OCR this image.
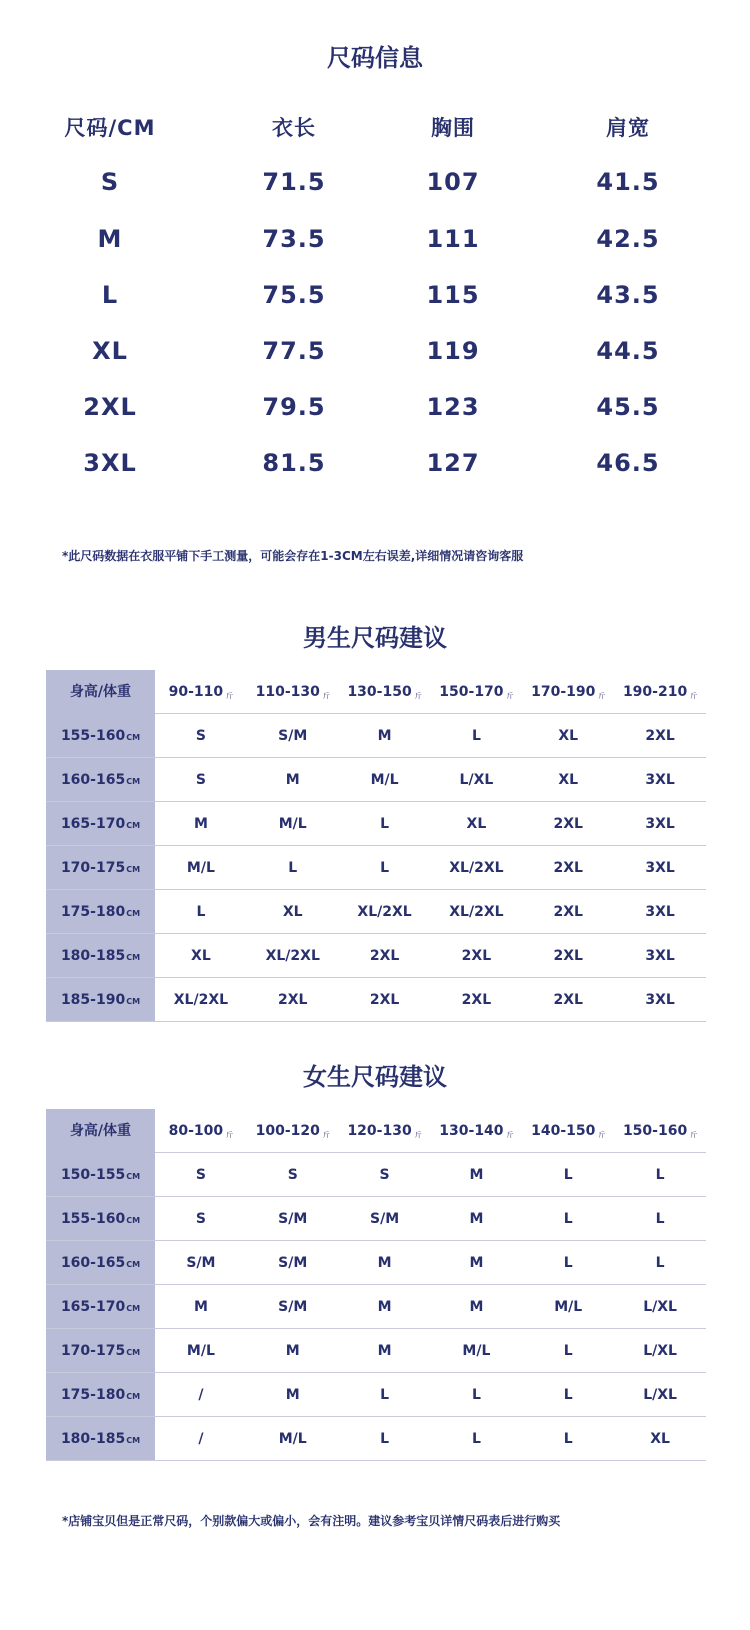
尺码信息
尺码/CM	衣长	胸围	肩宽
S	71.5	107	41.5
M	73.5	111	42.5
L	75.5	115	43.5
XL	77.5	119	44.5
2XL	79.5	123	45.5
3XL	81.5	127	46.5
*此尺码数据在衣服平铺下手工测量，可能会存在1-3CM左右误差,详细情况请咨询客服
男生尺码建议
身高/体重	90-110 斤	110-130 斤	130-150 斤	150-170 斤	170-190 斤	190-210 斤
155-160CM	S	S/M	M	L	XL	2XL
160-165CM	S	M	M/L	L/XL	XL	3XL
165-170CM	M	M/L	L	XL	2XL	3XL
170-175CM	M/L	L	L	XL/2XL	2XL	3XL
175-180CM	L	XL	XL/2XL	XL/2XL	2XL	3XL
180-185CM	XL	XL/2XL	2XL	2XL	2XL	3XL
185-190CM	XL/2XL	2XL	2XL	2XL	2XL	3XL
女生尺码建议
身高/体重	80-100 斤	100-120 斤	120-130 斤	130-140 斤	140-150 斤	150-160 斤
150-155CM	S	S	S	M	L	L
155-160CM	S	S/M	S/M	M	L	L
160-165CM	S/M	S/M	M	M	L	L
165-170CM	M	S/M	M	M	M/L	L/XL
170-175CM	M/L	M	M	M/L	L	L/XL
175-180CM	/	M	L	L	L	L/XL
180-185CM	/	M/L	L	L	L	XL
*店铺宝贝但是正常尺码，个别款偏大或偏小，会有注明。建议参考宝贝详情尺码表后进行购买
